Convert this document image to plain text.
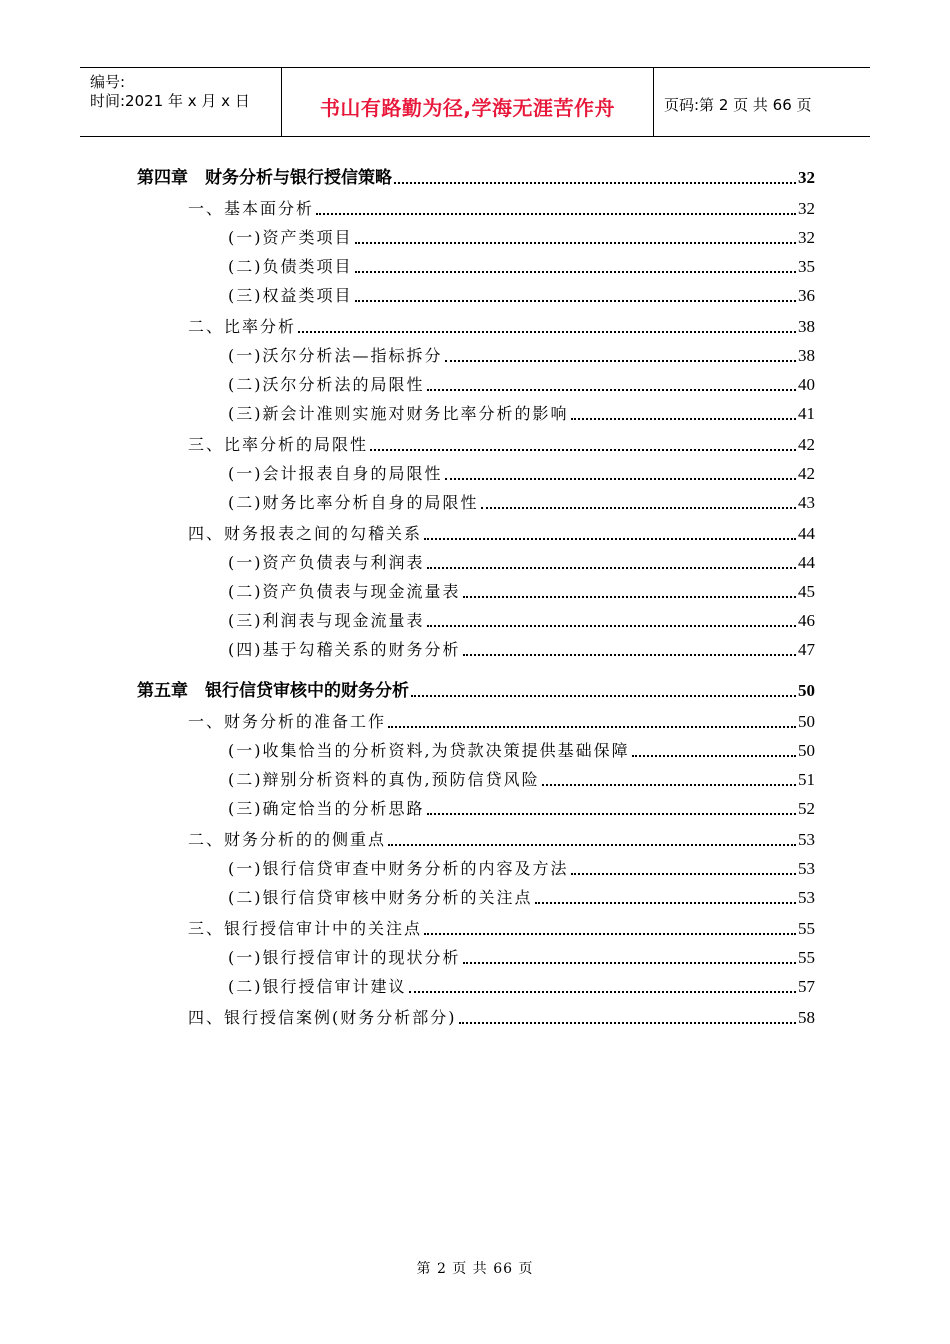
编号:
时间:2021 年 x 月 x 日	书山有路勤为径,学海无涯苦作舟	页码:第 2 页 共 66 页
第四章　财务分析与银行授信策略	32
一、基本面分析	32
(一)资产类项目	32
(二)负债类项目	35
(三)权益类项目	36
二、比率分析	38
(一)沃尔分析法—指标拆分	38
(二)沃尔分析法的局限性	40
(三)新会计准则实施对财务比率分析的影响	41
三、比率分析的局限性	42
(一)会计报表自身的局限性	42
(二)财务比率分析自身的局限性	43
四、财务报表之间的勾稽关系	44
(一)资产负债表与利润表	44
(二)资产负债表与现金流量表	45
(三)利润表与现金流量表	46
(四)基于勾稽关系的财务分析	47
第五章　银行信贷审核中的财务分析	50
一、财务分析的准备工作	50
(一)收集恰当的分析资料,为贷款决策提供基础保障	50
(二)辩别分析资料的真伪,预防信贷风险	51
(三)确定恰当的分析思路	52
二、财务分析的的侧重点	53
(一)银行信贷审查中财务分析的内容及方法	53
(二)银行信贷审核中财务分析的关注点	53
三、银行授信审计中的关注点	55
(一)银行授信审计的现状分析	55
(二)银行授信审计建议	57
四、银行授信案例(财务分析部分)	58
第 2 页 共 66 页
